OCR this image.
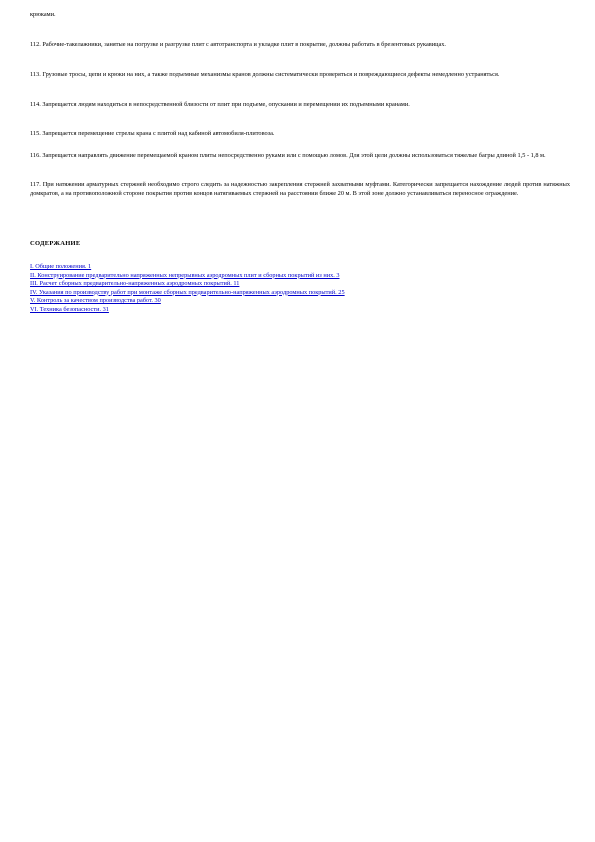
крюками.

112. Рабочие-такелажники, занятые на погрузке и разгрузке плит с автотранспорта и укладке плит в покрытие, должны работать в брезентовых рукавицах.

113. Грузовые тросы, цепи и крюки на них, а также подъемные механизмы кранов должны систематически проверяться и повреждающиеся дефекты немедленно устраняться.

114. Запрещается людям находиться в непосредственной близости от плит при подъеме, опускании и перемещении их подъемными кранами.

115. Запрещается перемещение стрелы крана с плитой над кабиной автомобиля-плитовоза.

116. Запрещается направлять движение перемещаемой краном плиты непосредственно руками или с помощью ломов. Для этой цели должны использоваться тяжелые багры длиной 1,5 - 1,8 м.

117. При натяжении арматурных стержней необходимо строго следить за надежностью закрепления стержней захватными муфтами. Категорически запрещается нахождение людей против натяжных домкратов, а на противоположной стороне покрытия против концов натягиваемых стержней на расстоянии ближе 20 м. В этой зоне должно устанавливаться переносное ограждение.

СОДЕРЖАНИЕ

I. Общие положения. 1
II. Конструирование предварительно напряженных непрерывных аэродромных плит и сборных покрытий из них. 3
III. Расчет сборных предварительно-напряженных аэродромных покрытий. 11
IV. Указания по производству работ при монтаже сборных предварительно-напряженных аэродромных покрытий. 25
V. Контроль за качеством производства работ. 30
VI. Техника безопасности. 31
